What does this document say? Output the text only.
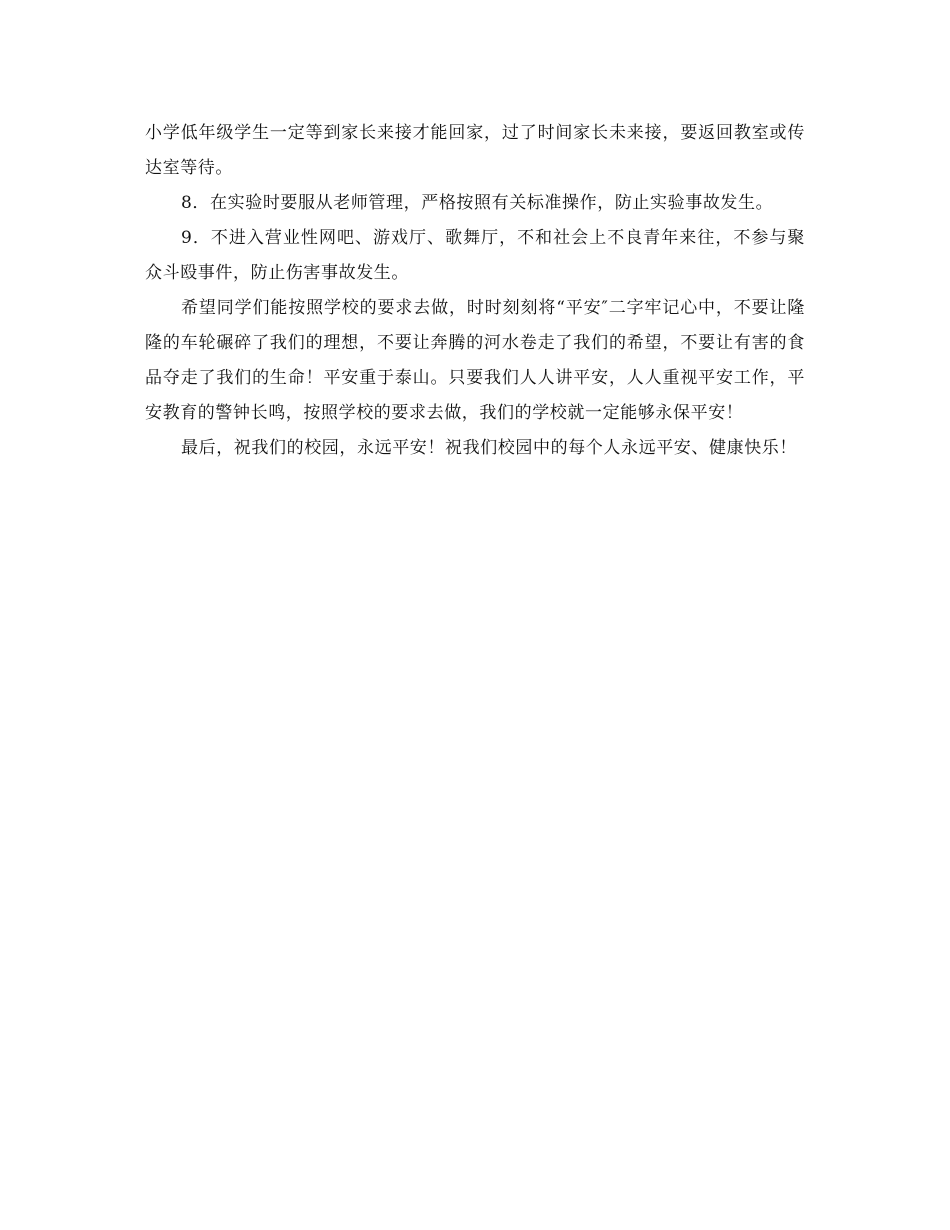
小学低年级学生一定等到家长来接才能回家，过了时间家长未来接，要返回教室或传达室等待。

8．在实验时要服从老师管理，严格按照有关标准操作，防止实验事故发生。

9．不进入营业性网吧、游戏厅、歌舞厅，不和社会上不良青年来往，不参与聚众斗殴事件，防止伤害事故发生。

希望同学们能按照学校的要求去做，时时刻刻将“平安″二字牢记心中，不要让隆隆的车轮碾碎了我们的理想，不要让奔腾的河水卷走了我们的希望，不要让有害的食品夺走了我们的生命！平安重于泰山。只要我们人人讲平安，人人重视平安工作，平安教育的警钟长鸣，按照学校的要求去做，我们的学校就一定能够永保平安！

最后，祝我们的校园，永远平安！祝我们校园中的每个人永远平安、健康快乐！
